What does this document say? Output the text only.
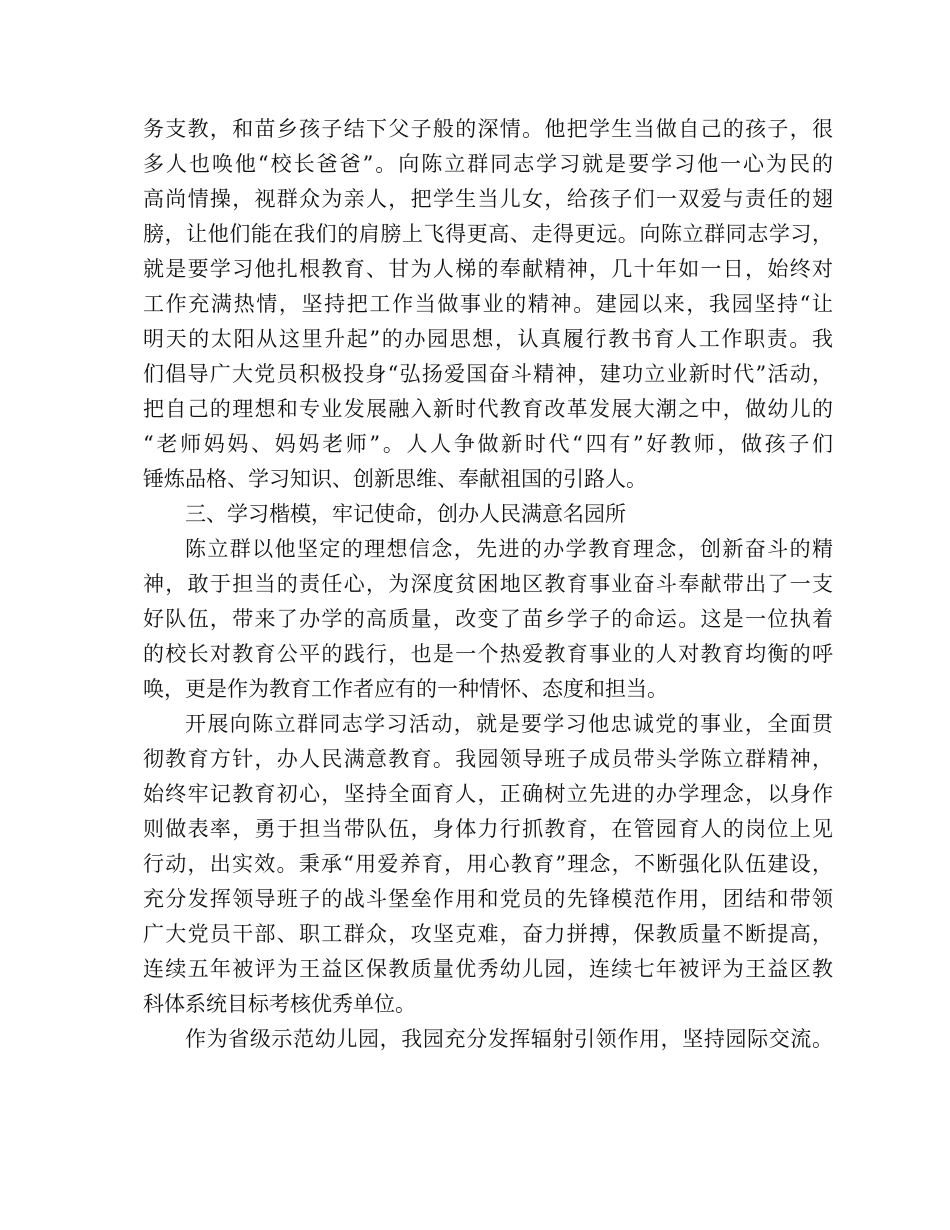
务支教，和苗乡孩子结下父子般的深情。他把学生当做自己的孩子，很
多人也唤他“校长爸爸”。向陈立群同志学习就是要学习他一心为民的
高尚情操，视群众为亲人，把学生当儿女，给孩子们一双爱与责任的翅
膀，让他们能在我们的肩膀上飞得更高、走得更远。向陈立群同志学习，
就是要学习他扎根教育、甘为人梯的奉献精神，几十年如一日，始终对
工作充满热情，坚持把工作当做事业的精神。建园以来，我园坚持“让
明天的太阳从这里升起”的办园思想，认真履行教书育人工作职责。我
们倡导广大党员积极投身“弘扬爱国奋斗精神，建功立业新时代”活动，
把自己的理想和专业发展融入新时代教育改革发展大潮之中，做幼儿的
“老师妈妈、妈妈老师”。人人争做新时代“四有”好教师，做孩子们
锤炼品格、学习知识、创新思维、奉献祖国的引路人。
三、学习楷模，牢记使命，创办人民满意名园所
陈立群以他坚定的理想信念，先进的办学教育理念，创新奋斗的精
神，敢于担当的责任心，为深度贫困地区教育事业奋斗奉献带出了一支
好队伍，带来了办学的高质量，改变了苗乡学子的命运。这是一位执着
的校长对教育公平的践行，也是一个热爱教育事业的人对教育均衡的呼
唤，更是作为教育工作者应有的一种情怀、态度和担当。
开展向陈立群同志学习活动，就是要学习他忠诚党的事业，全面贯
彻教育方针，办人民满意教育。我园领导班子成员带头学陈立群精神，
始终牢记教育初心，坚持全面育人，正确树立先进的办学理念，以身作
则做表率，勇于担当带队伍，身体力行抓教育，在管园育人的岗位上见
行动，出实效。秉承“用爱养育，用心教育”理念，不断强化队伍建设，
充分发挥领导班子的战斗堡垒作用和党员的先锋模范作用，团结和带领
广大党员干部、职工群众，攻坚克难，奋力拼搏，保教质量不断提高，
连续五年被评为王益区保教质量优秀幼儿园，连续七年被评为王益区教
科体系统目标考核优秀单位。
作为省级示范幼儿园，我园充分发挥辐射引领作用，坚持园际交流。
